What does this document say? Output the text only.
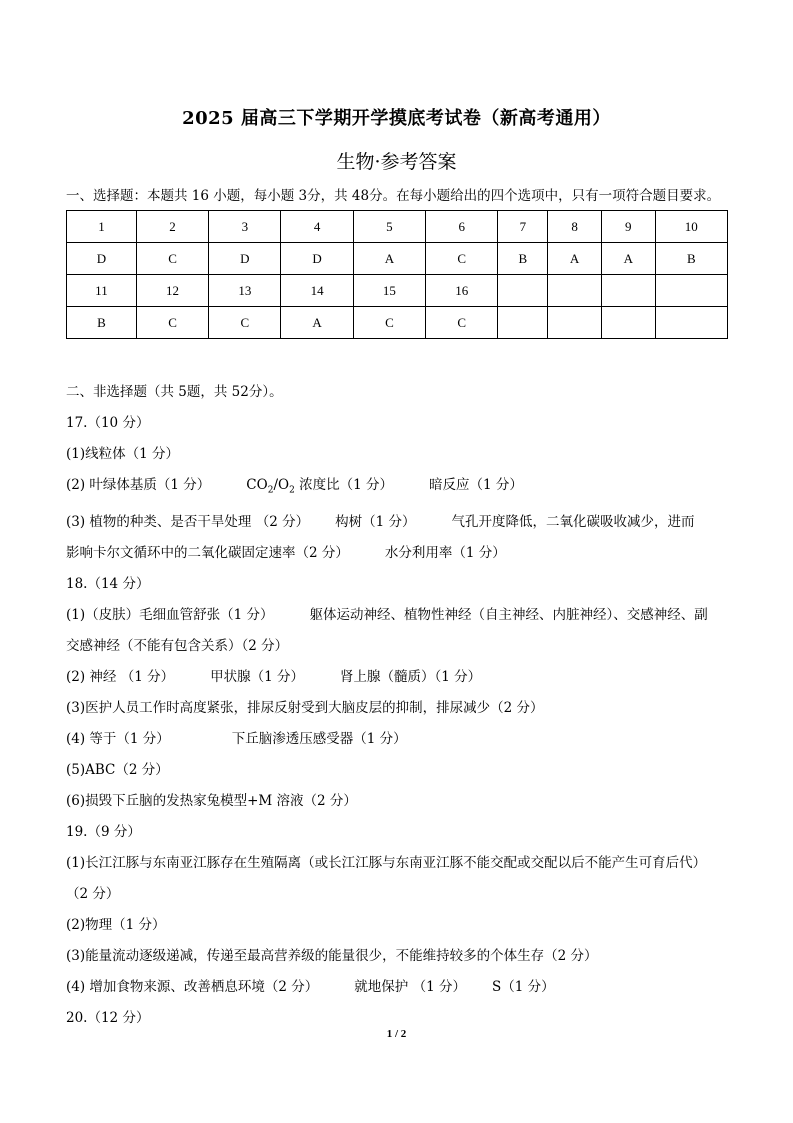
2025 届高三下学期开学摸底考试卷（新高考通用）
生物·参考答案
一、选择题：本题共 16 小题，每小题 3分，共 48分。在每小题给出的四个选项中，只有一项符合题目要求。
1	2	3	4	5	6	7	8	9	10
D	C	D	D	A	C	B	A	A	B
11	12	13	14	15	16				
B	C	C	A	C	C				

二、非选择题（共 5题，共 52分）。

17.（10 分）

(1)线粒体（1 分）

(2) 叶绿体基质（1 分）	$CO_2/O_2$ 浓度比（1 分）	暗反应（1 分）

(3) 植物的种类、是否干旱处理 （2 分） 构树（1 分）	气孔开度降低，二氧化碳吸收减少，进而

影响卡尔文循环中的二氧化碳固定速率（2 分）	水分利用率（1 分）

18.（14 分）

(1)（皮肤）毛细血管舒张（1 分）	躯体运动神经、植物性神经（自主神经、内脏神经）、交感神经、副

交感神经（不能有包含关系）（2 分）

(2) 神经 （1 分）	甲状腺（1 分）	肾上腺（髓质）（1 分）

(3)医护人员工作时高度紧张，排尿反射受到大脑皮层的抑制，排尿减少（2 分）

(4) 等于（1 分）	下丘脑渗透压感受器（1 分）

(5)ABC（2 分）

(6)损毁下丘脑的发热家兔模型+M 溶液（2 分）

19.（9 分）

(1)长江江豚与东南亚江豚存在生殖隔离（或长江江豚与东南亚江豚不能交配或交配以后不能产生可育后代）

（2 分）

(2)物理（1 分）

(3)能量流动逐级递减，传递至最高营养级的能量很少，不能维持较多的个体生存（2 分）

(4) 增加食物来源、改善栖息环境（2 分）	就地保护 （1 分） S（1 分）

20.（12 分）

1 / 2
